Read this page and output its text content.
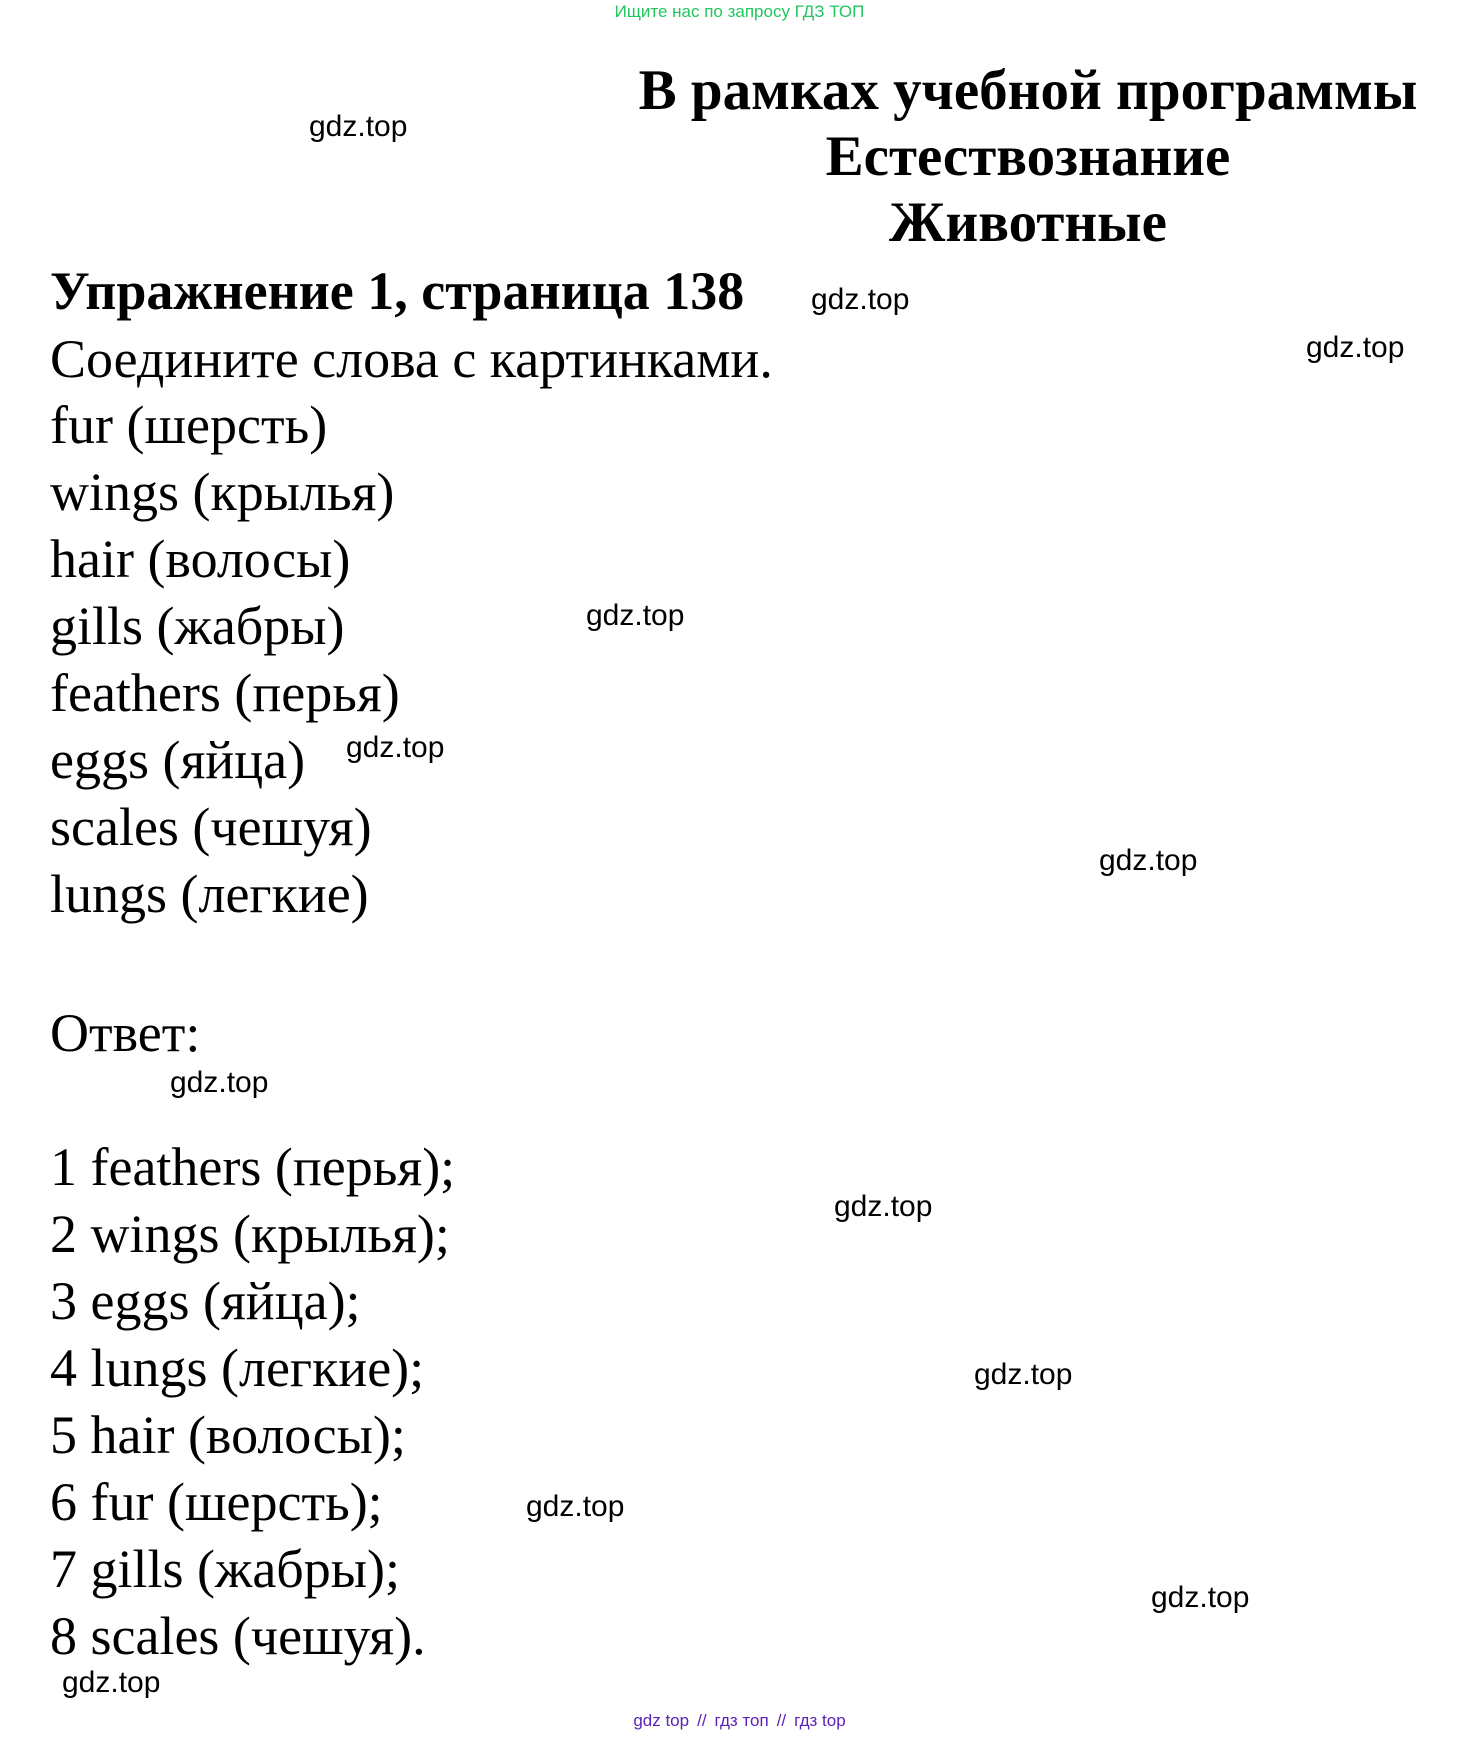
Ищите нас по запросу ГДЗ ТОП
В рамках учебной программы
Естествознание
Животные
Упражнение 1, страница 138
Соедините слова с картинками.
fur (шерсть)
wings (крылья)
hair (волосы)
gills (жабры)
feathers (перья)
eggs (яйца)
scales (чешуя)
lungs (легкие)
Ответ:
1 feathers (перья);
2 wings (крылья);
3 eggs (яйца);
4 lungs (легкие);
5 hair (волосы);
6 fur (шерсть);
7 gills (жабры);
8 scales (чешуя).
gdz.top
gdz.top
gdz.top
gdz.top
gdz.top
gdz.top
gdz.top
gdz.top
gdz.top
gdz.top
gdz.top
gdz.top
gdz top // гдз топ // гдз top
